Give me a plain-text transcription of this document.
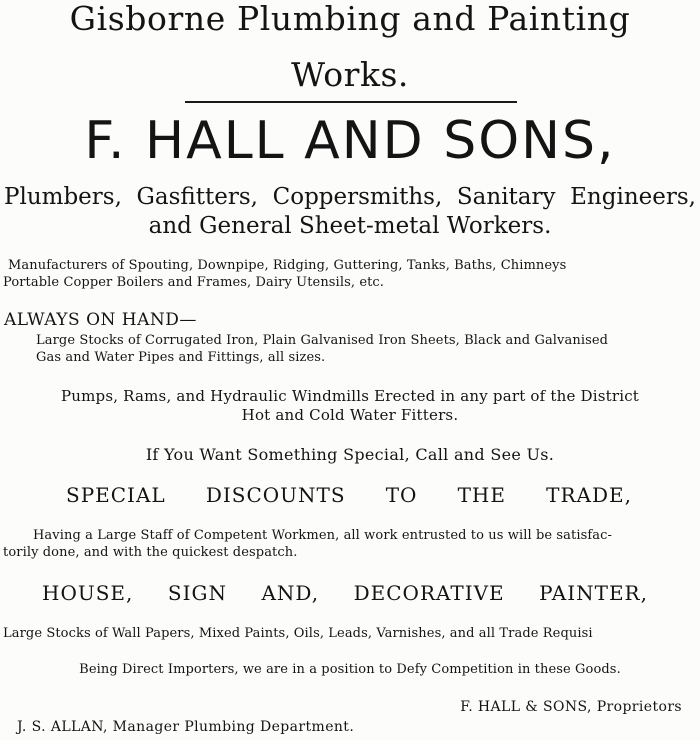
Gisborne Plumbing and Painting
Works.
F. HALL AND SONS,
Plumbers, Gasfitters, Coppersmiths, Sanitary Engineers,
and General Sheet-metal Workers.
Manufacturers of Spouting, Downpipe, Ridging, Guttering, Tanks, Baths, Chimneys
Portable Copper Boilers and Frames, Dairy Utensils, etc.
ALWAYS ON HAND—
Large Stocks of Corrugated Iron, Plain Galvanised Iron Sheets, Black and Galvanised
Gas and Water Pipes and Fittings, all sizes.
Pumps, Rams, and Hydraulic Windmills Erected in any part of the District
Hot and Cold Water Fitters.
If You Want Something Special, Call and See Us.
SPECIAL DISCOUNTS TO THE TRADE,
Having a Large Staff of Competent Workmen, all work entrusted to us will be satisfac-
torily done, and with the quickest despatch.
HOUSE, SIGN AND, DECORATIVE PAINTER,
Large Stocks of Wall Papers, Mixed Paints, Oils, Leads, Varnishes, and all Trade Requisi
Being Direct Importers, we are in a position to Defy Competition in these Goods.
F. HALL & SONS, Proprietors
J. S. ALLAN, Manager Plumbing Department.
